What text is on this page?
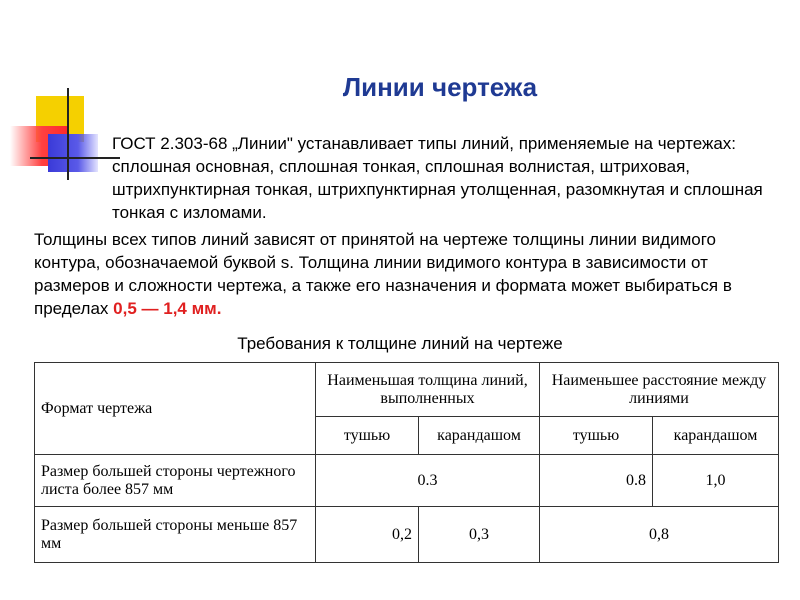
Линии чертежа
ГОСТ 2.303-68 „Линии" устанавливает типы линий, применяемые на чертежах: сплошная основная, сплошная тонкая, сплошная волнистая, штриховая, штрихпунктирная тонкая, штрихпунктирная утолщенная, разомкнутая и сплошная тонкая с изломами.
Толщины всех типов линий зависят от принятой на чертеже толщины линии видимого контура, обозначаемой буквой s. Толщина линии видимого контура в зависимости от размеров и сложности чертежа, а также его назначения и формата может выбираться в пределах 0,5 — 1,4 мм.
Требования к толщине линий на чертеже
Формат чертежа	Наименьшая толщина линий, выполненных		Наименьшее расстояние между линиями	
	тушью	карандашом	тушью	карандашом
Размер большей стороны чертежного листа более 857 мм	0.3		0.8	1,0
Размер большей стороны меньше 857 мм	0,2	0,3	0,8	
